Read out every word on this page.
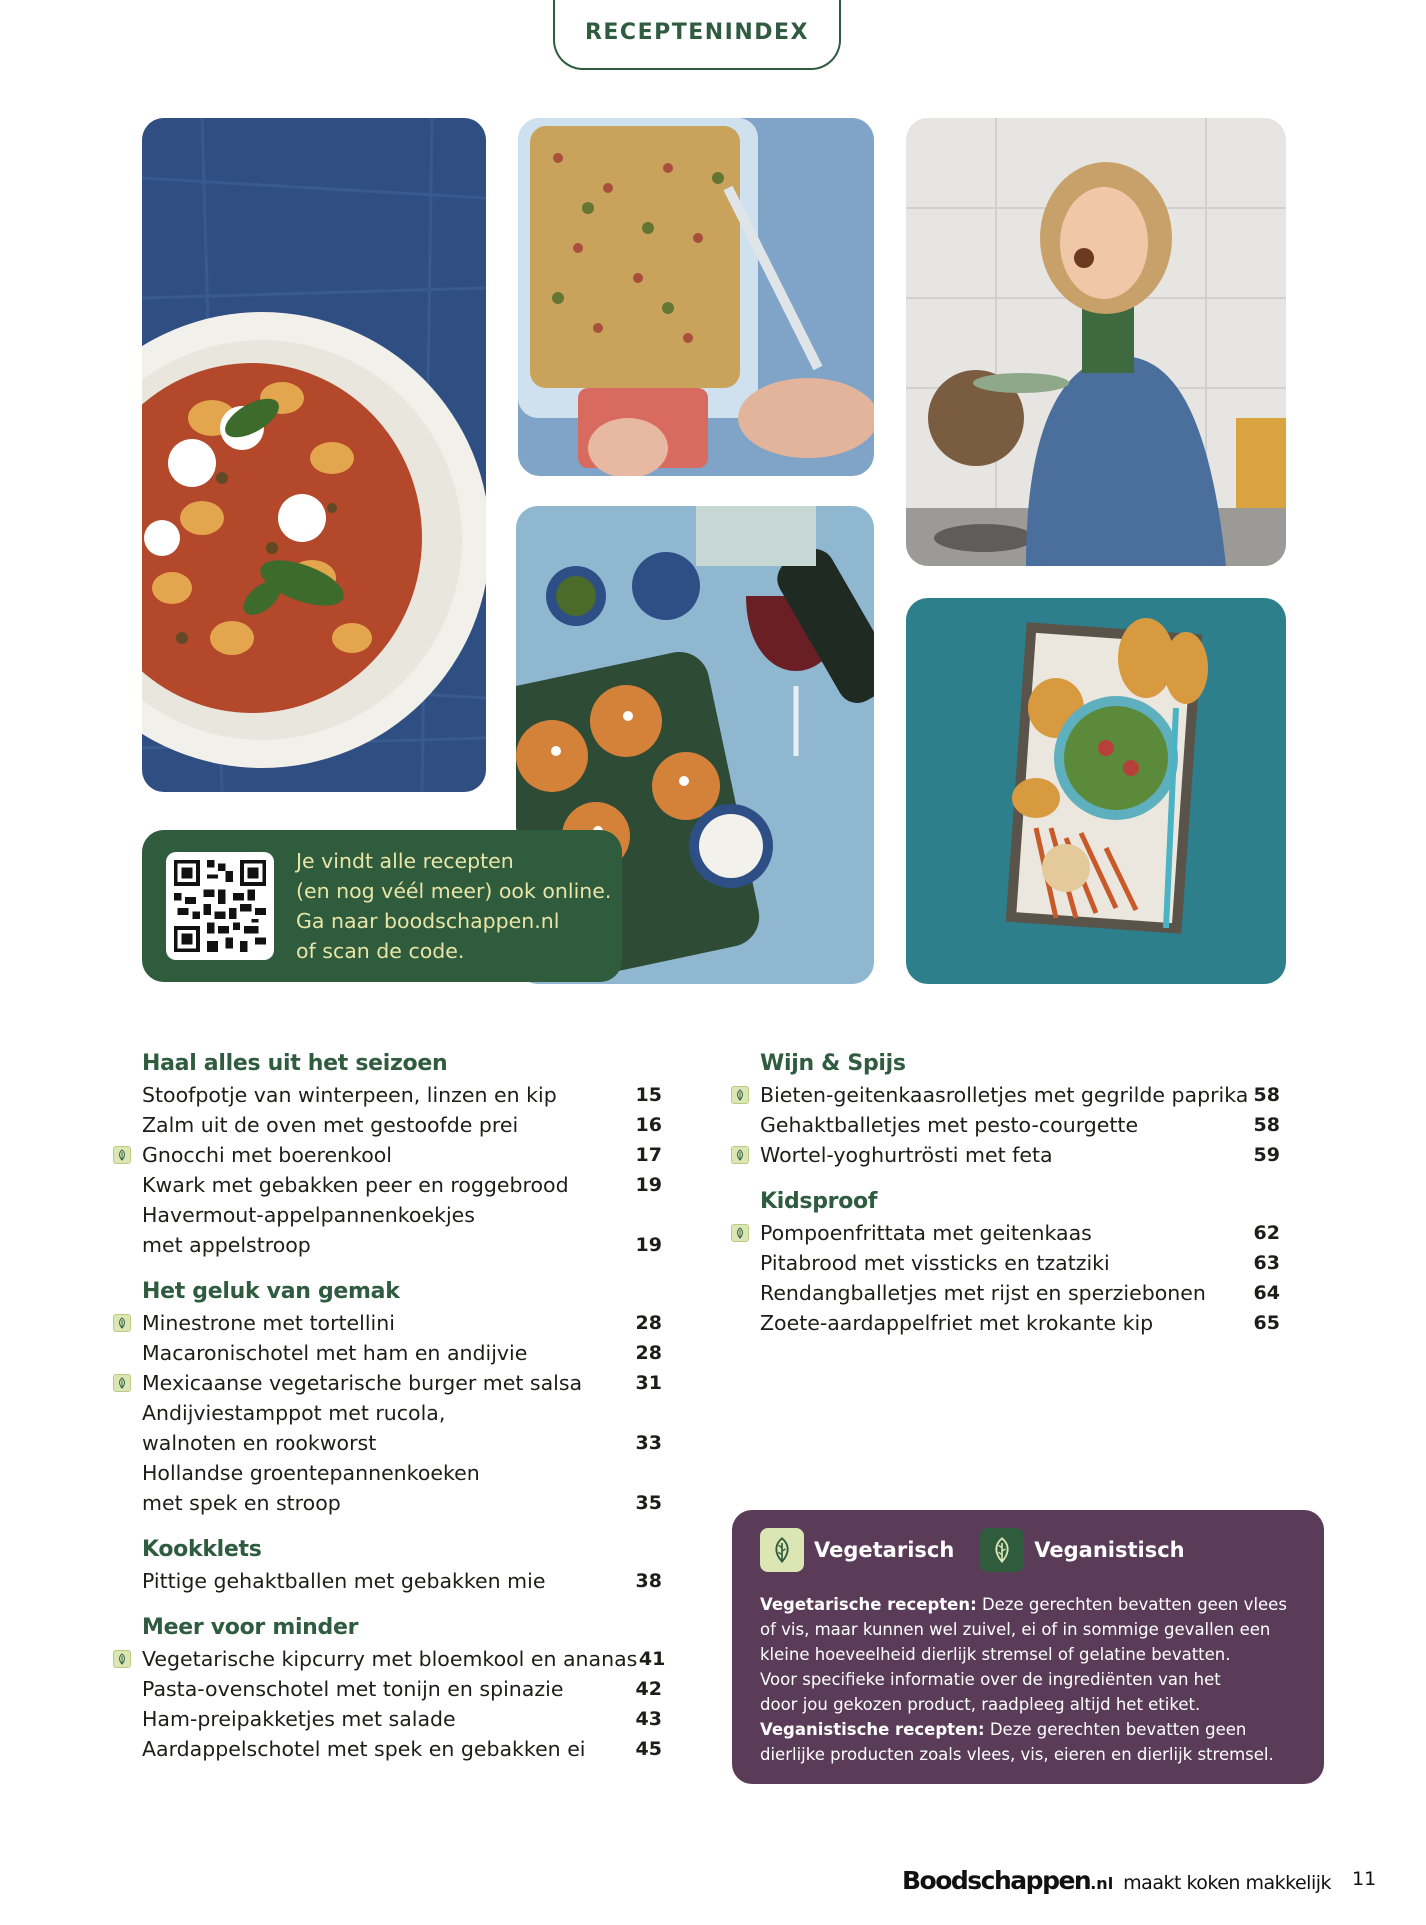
RECEPTENINDEX
Je vindt alle recepten
(en nog véél meer) ook online.
Ga naar boodschappen.nl
of scan de code.
Haal alles uit het seizoen
Stoofpotje van winterpeen, linzen en kip	15
Zalm uit de oven met gestoofde prei	16
Gnocchi met boerenkool	17
Kwark met gebakken peer en roggebrood	19
Havermout-appelpannenkoekjes
met appelstroop	19
Het geluk van gemak
Minestrone met tortellini	28
Macaronischotel met ham en andijvie	28
Mexicaanse vegetarische burger met salsa	31
Andijviestamppot met rucola,
walnoten en rookworst	33
Hollandse groentepannenkoeken
met spek en stroop	35
Kookklets
Pittige gehaktballen met gebakken mie	38
Meer voor minder
Vegetarische kipcurry met bloemkool en ananas 41
Pasta-ovenschotel met tonijn en spinazie	42
Ham-preipakketjes met salade	43
Aardappelschotel met spek en gebakken ei	45
Wijn & Spijs
Bieten-geitenkaasrolletjes met gegrilde paprika 58
Gehaktballetjes met pesto-courgette	58
Wortel-yoghurtrösti met feta	59
Kidsproof
Pompoenfrittata met geitenkaas	62
Pitabrood met vissticks en tzatziki	63
Rendangballetjes met rijst en sperziebonen	64
Zoete-aardappelfriet met krokante kip	65
Vegetarisch	Veganistisch
Vegetarische recepten: Deze gerechten bevatten geen vlees
of vis, maar kunnen wel zuivel, ei of in sommige gevallen een
kleine hoeveelheid dierlijk stremsel of gelatine bevatten.
Voor specifieke informatie over de ingrediënten van het
door jou gekozen product, raadpleeg altijd het etiket.
Veganistische recepten: Deze gerechten bevatten geen
dierlijke producten zoals vlees, vis, eieren en dierlijk stremsel.
Boodschappen .nl maakt koken makkelijk 11
